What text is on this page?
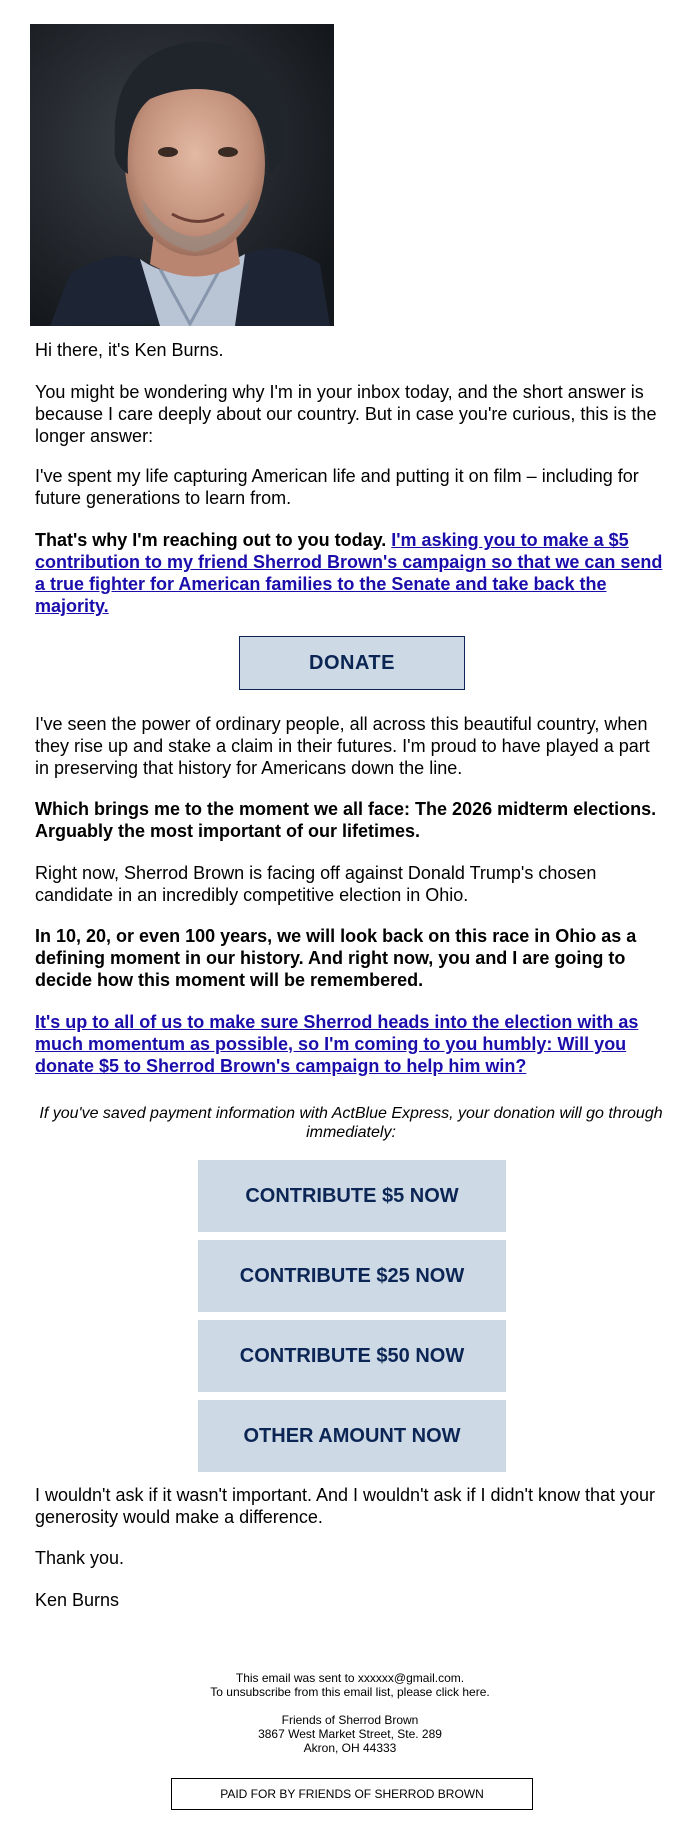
Hi there, it's Ken Burns.

You might be wondering why I'm in your inbox today, and the short answer is because I care deeply about our country. But in case you're curious, this is the longer answer:

I've spent my life capturing American life and putting it on film – including for future generations to learn from.

That's why I'm reaching out to you today. I'm asking you to make a $5 contribution to my friend Sherrod Brown's campaign so that we can send a true fighter for American families to the Senate and take back the majority.

DONATE

I've seen the power of ordinary people, all across this beautiful country, when they rise up and stake a claim in their futures. I'm proud to have played a part in preserving that history for Americans down the line.

Which brings me to the moment we all face: The 2026 midterm elections. Arguably the most important of our lifetimes.

Right now, Sherrod Brown is facing off against Donald Trump's chosen candidate in an incredibly competitive election in Ohio.

In 10, 20, or even 100 years, we will look back on this race in Ohio as a defining moment in our history. And right now, you and I are going to decide how this moment will be remembered.

It's up to all of us to make sure Sherrod heads into the election with as much momentum as possible, so I'm coming to you humbly: Will you donate $5 to Sherrod Brown's campaign to help him win?

If you've saved payment information with ActBlue Express, your donation will go through immediately:
CONTRIBUTE $5 NOW
CONTRIBUTE $25 NOW
CONTRIBUTE $50 NOW
OTHER AMOUNT NOW

I wouldn't ask if it wasn't important. And I wouldn't ask if I didn't know that your generosity would make a difference.

Thank you.

Ken Burns

This email was sent to xxxxxx@gmail.com.
To unsubscribe from this email list, please click here.
Friends of Sherrod Brown
3867 West Market Street, Ste. 289
Akron, OH 44333
PAID FOR BY FRIENDS OF SHERROD BROWN
